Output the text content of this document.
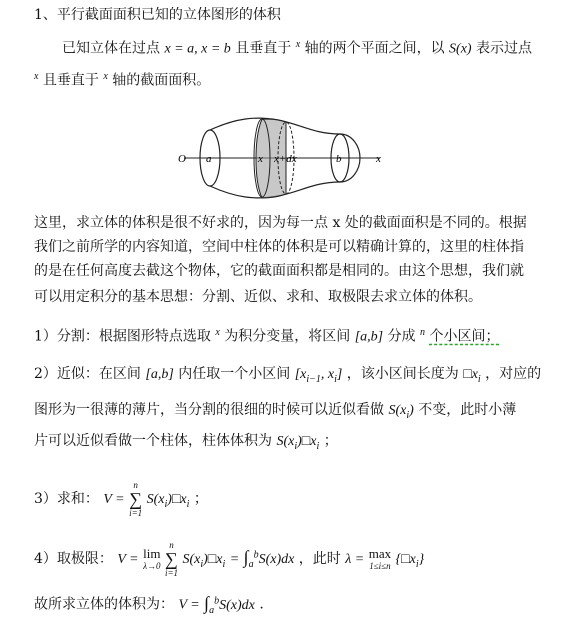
1、平行截面面积已知的立体图形的体积
已知立体在过点 x = a, x = b 且垂直于 $^x$ 轴的两个平面之间，以 S(x) 表示过点
$^x$ 且垂直于 $^x$ 轴的截面面积。
O a	x x+dx	b	x
这里，求立体的体积是很不好求的，因为每一点 x 处的截面面积是不同的。根据
我们之前所学的内容知道，空间中柱体的体积是可以精确计算的，这里的柱体指
的是在任何高度去截这个物体，它的截面面积都是相同的。由这个思想，我们就
可以用定积分的基本思想：分割、近似、求和、取极限去求立体的体积。
1）分割：根据图形特点选取 $^x$ 为积分变量，将区间 [a,b] 分成 $^n$ 个小区间；
2）近似：在区间 [a,b] 内任取一个小区间 [$x_{i-1}$, $x_i$] ，该小区间长度为 $□x_i$ ，对应的
图形为一很薄的薄片，当分割的很细的时候可以近似看做 $S(x_i)$ 不变，此时小薄
片可以近似看做一个柱体，柱体体积为 $S(x_i)□x_i$ ；
3）求和： V =
n
∑
i=1
$S(x_i)□x_i$ ；
4）取极限： V = lim
λ→0

n
∑
i=1
$S(x_i)□x_i = \int_a^bS(x)dx$ ，此时 λ = max
1≤i≤n $\{□x_i\}$
故所求立体的体积为： $V = \int_a^bS(x)dx$ .
